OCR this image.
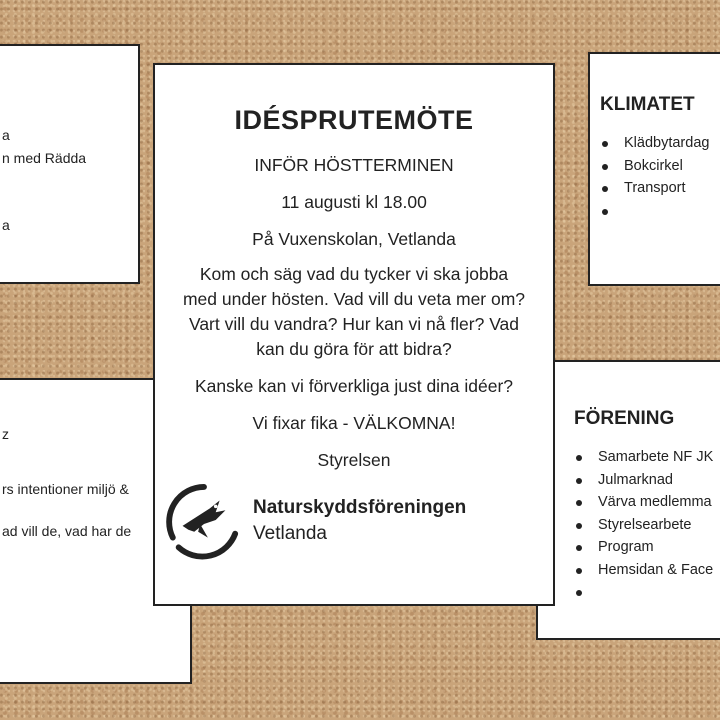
a
n med Rädda
a
z
rs intentioner miljö &
ad vill de, vad har de
KLIMATET
Klädbytardag
Bokcirkel
Transport
FÖRENING
Samarbete NF JK
Julmarknad
Värva medlemma
Styrelsearbete
Program
Hemsidan & Face
IDÉSPRUTEMÖTE
INFÖR HÖSTTERMINEN
11 augusti kl 18.00
På Vuxenskolan, Vetlanda
Kom och säg vad du tycker vi ska jobba
med under hösten. Vad vill du veta mer om?
Vart vill du vandra? Hur kan vi nå fler? Vad
kan du göra för att bidra?
Kanske kan vi förverkliga just dina idéer?
Vi fixar fika - VÄLKOMNA!
Styrelsen
Naturskyddsföreningen
Vetlanda
